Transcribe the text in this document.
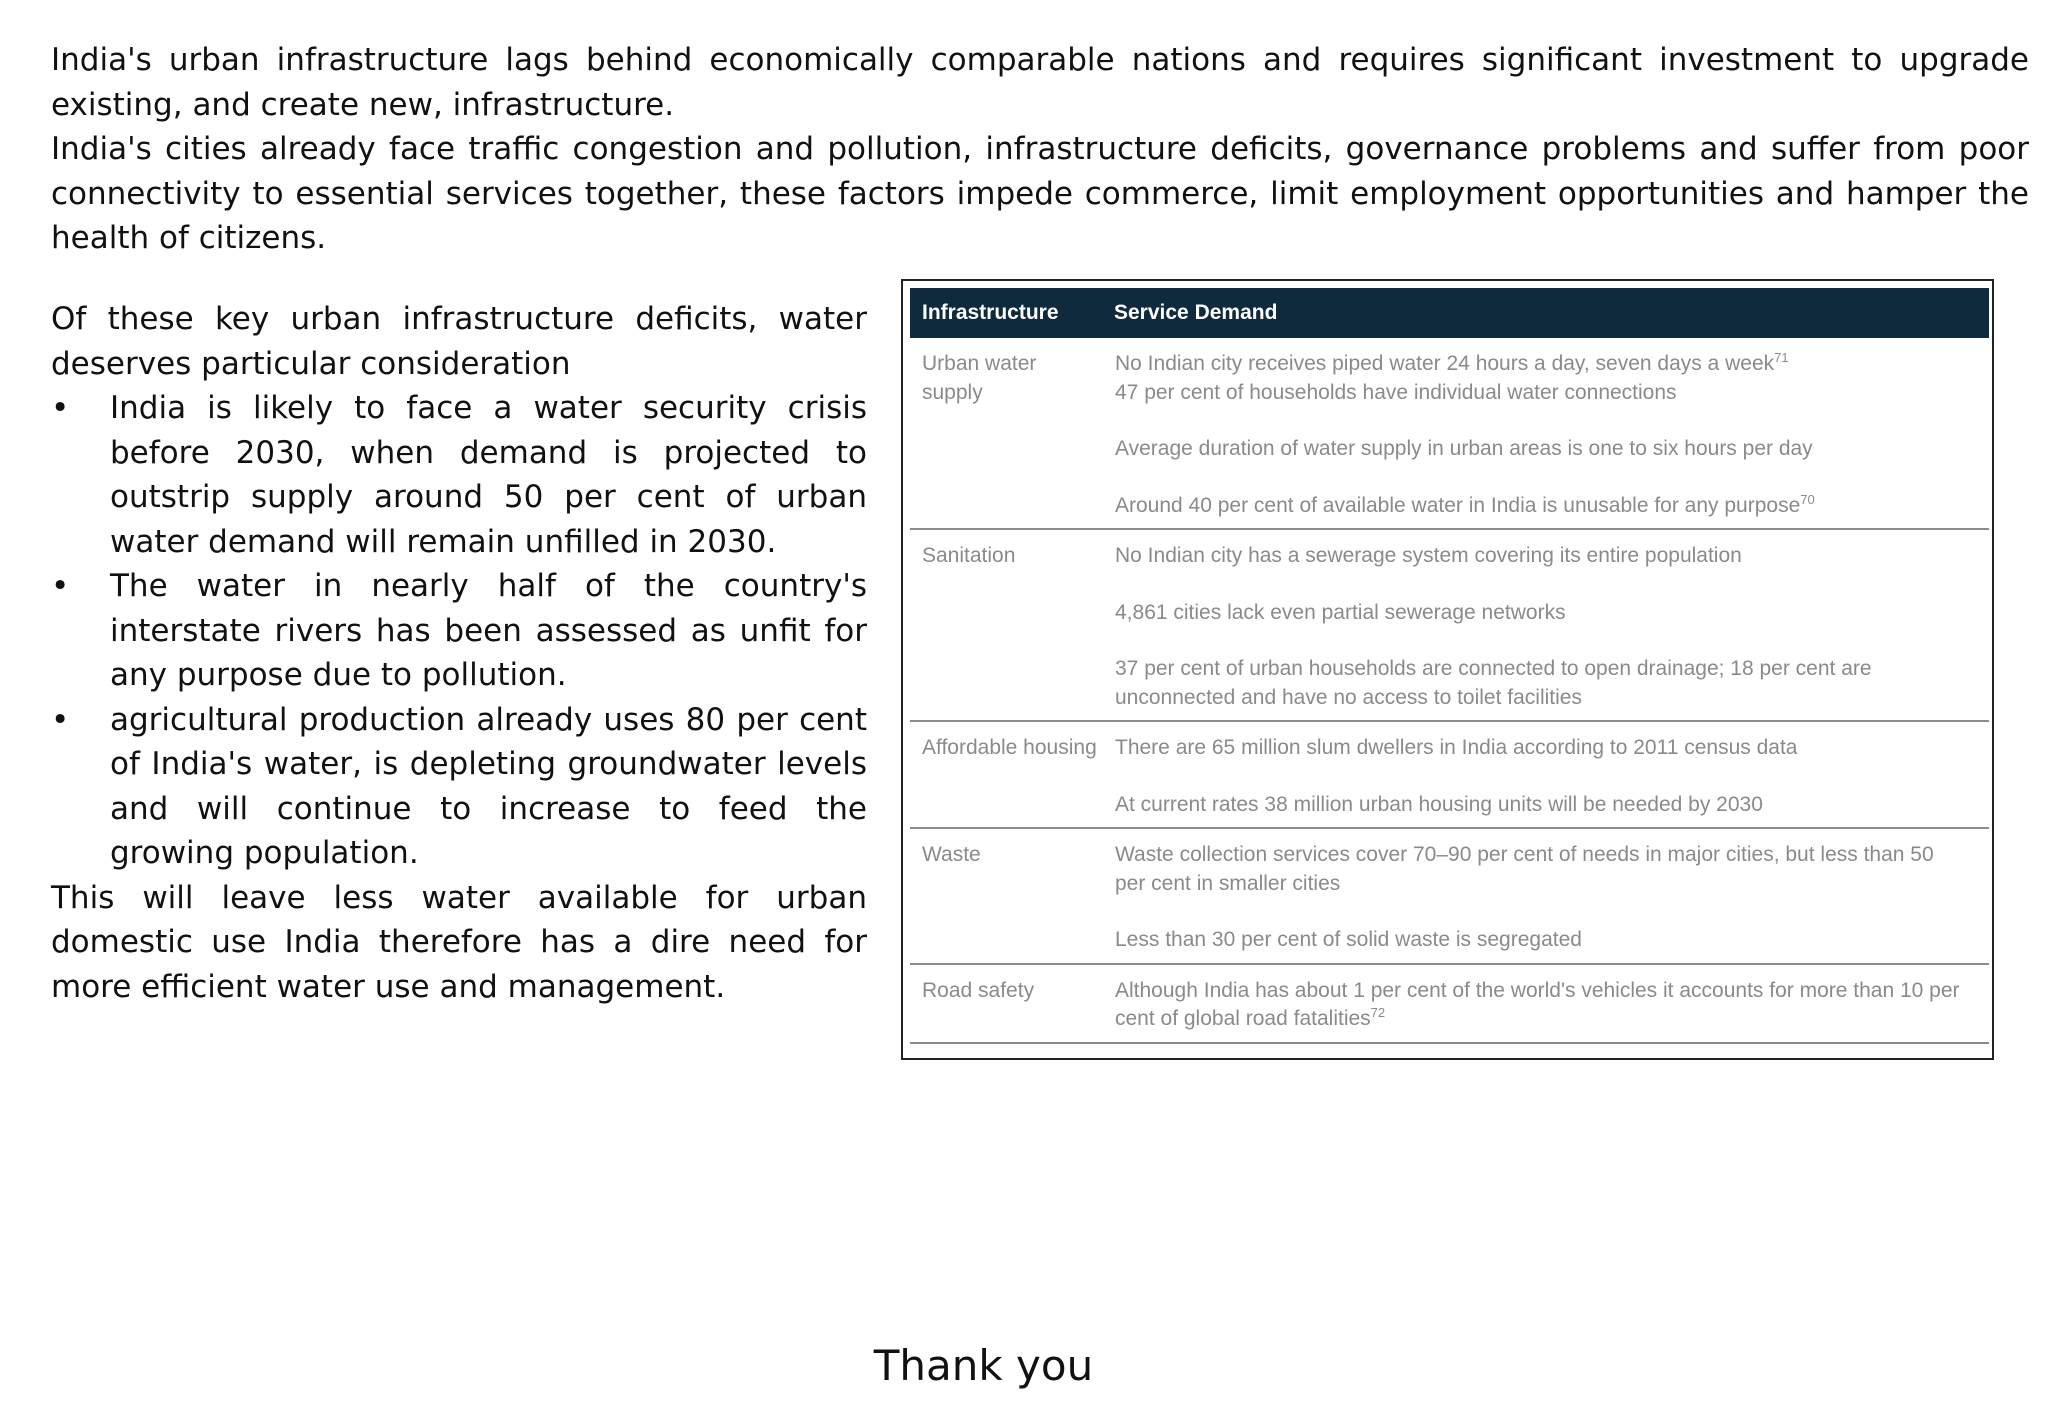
India's urban infrastructure lags behind economically comparable nations and requires significant investment to upgrade existing, and create new, infrastructure.

India's cities already face traffic congestion and pollution, infrastructure deficits, governance problems and suffer from poor connectivity to essential services together, these factors impede commerce, limit employment opportunities and hamper the health of citizens.

Of these key urban infrastructure deficits, water deserves particular consideration

• India is likely to face a water security crisis before 2030, when demand is projected to outstrip supply around 50 per cent of urban water demand will remain unfilled in 2030.
• The water in nearly half of the country's interstate rivers has been assessed as unfit for any purpose due to pollution.
• agricultural production already uses 80 per cent of India's water, is depleting groundwater levels and will continue to increase to feed the growing population.

This will leave less water available for urban domestic use India therefore has a dire need for more efficient water use and management.

Infrastructure	Service Demand
Urban water supply	No Indian city receives piped water 24 hours a day, seven days a week$^{71}$
47 per cent of households have individual water connections
Average duration of water supply in urban areas is one to six hours per day
Around 40 per cent of available water in India is unusable for any purpose$^{70}$

Sanitation	No Indian city has a sewerage system covering its entire population
4,861 cities lack even partial sewerage networks
37 per cent of urban households are connected to open drainage; 18 per cent are unconnected and have no access to toilet facilities

Affordable housing	There are 65 million slum dwellers in India according to 2011 census data
At current rates 38 million urban housing units will be needed by 2030

Waste	Waste collection services cover 70–90 per cent of needs in major cities, but less than 50 per cent in smaller cities
Less than 30 per cent of solid waste is segregated

Road safety	Although India has about 1 per cent of the world's vehicles it accounts for more than 10 per cent of global road fatalities$^{72}$
Thank you
